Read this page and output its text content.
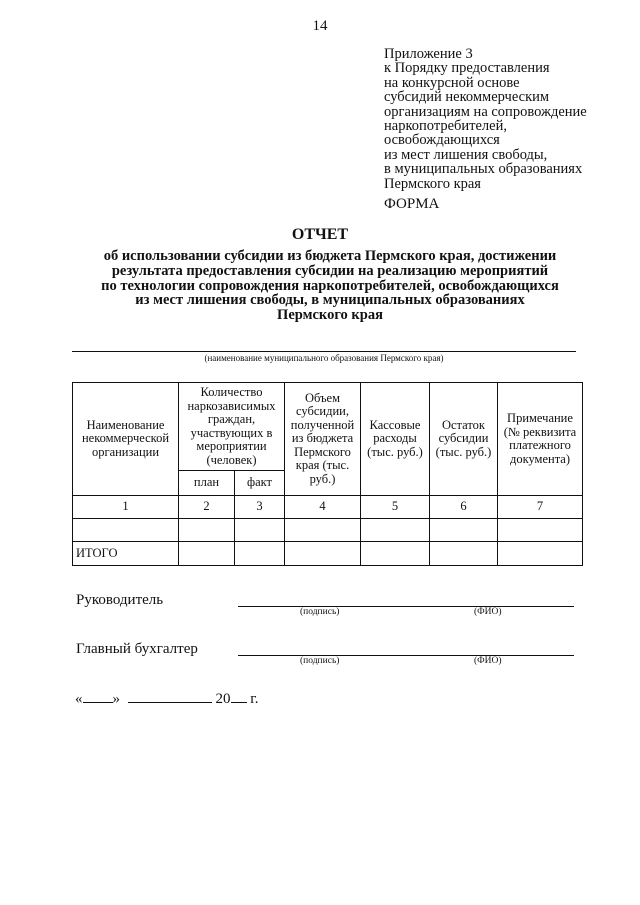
14
Приложение 3
к Порядку предоставления
на конкурсной основе
субсидий некоммерческим
организациям на сопровождение
наркопотребителей,
освобождающихся
из мест лишения свободы,
в муниципальных образованиях
Пермского края
ФОРМА
ОТЧЕТ
об использовании субсидии из бюджета Пермского края, достижении
результата предоставления субсидии на реализацию мероприятий
по технологии сопровождения наркопотребителей, освобождающихся
из мест лишения свободы, в муниципальных образованиях
Пермского края
(наименование муниципального образования Пермского края)
Наименование некоммерческой организации	Количество наркозависимых граждан, участвующих в мероприятии (человек)		Объем субсидии, полученной из бюджета Пермского края (тыс. руб.)	Кассовые расходы (тыс. руб.)	Остаток субсидии (тыс. руб.)	Примечание (№ реквизита платежного документа)
	план	факт				
1	2	3	4	5	6	7

ИТОГО						
Руководитель
(подпись)	(ФИО)
Главный бухгалтер
(подпись)	(ФИО)
« »	20 г.
